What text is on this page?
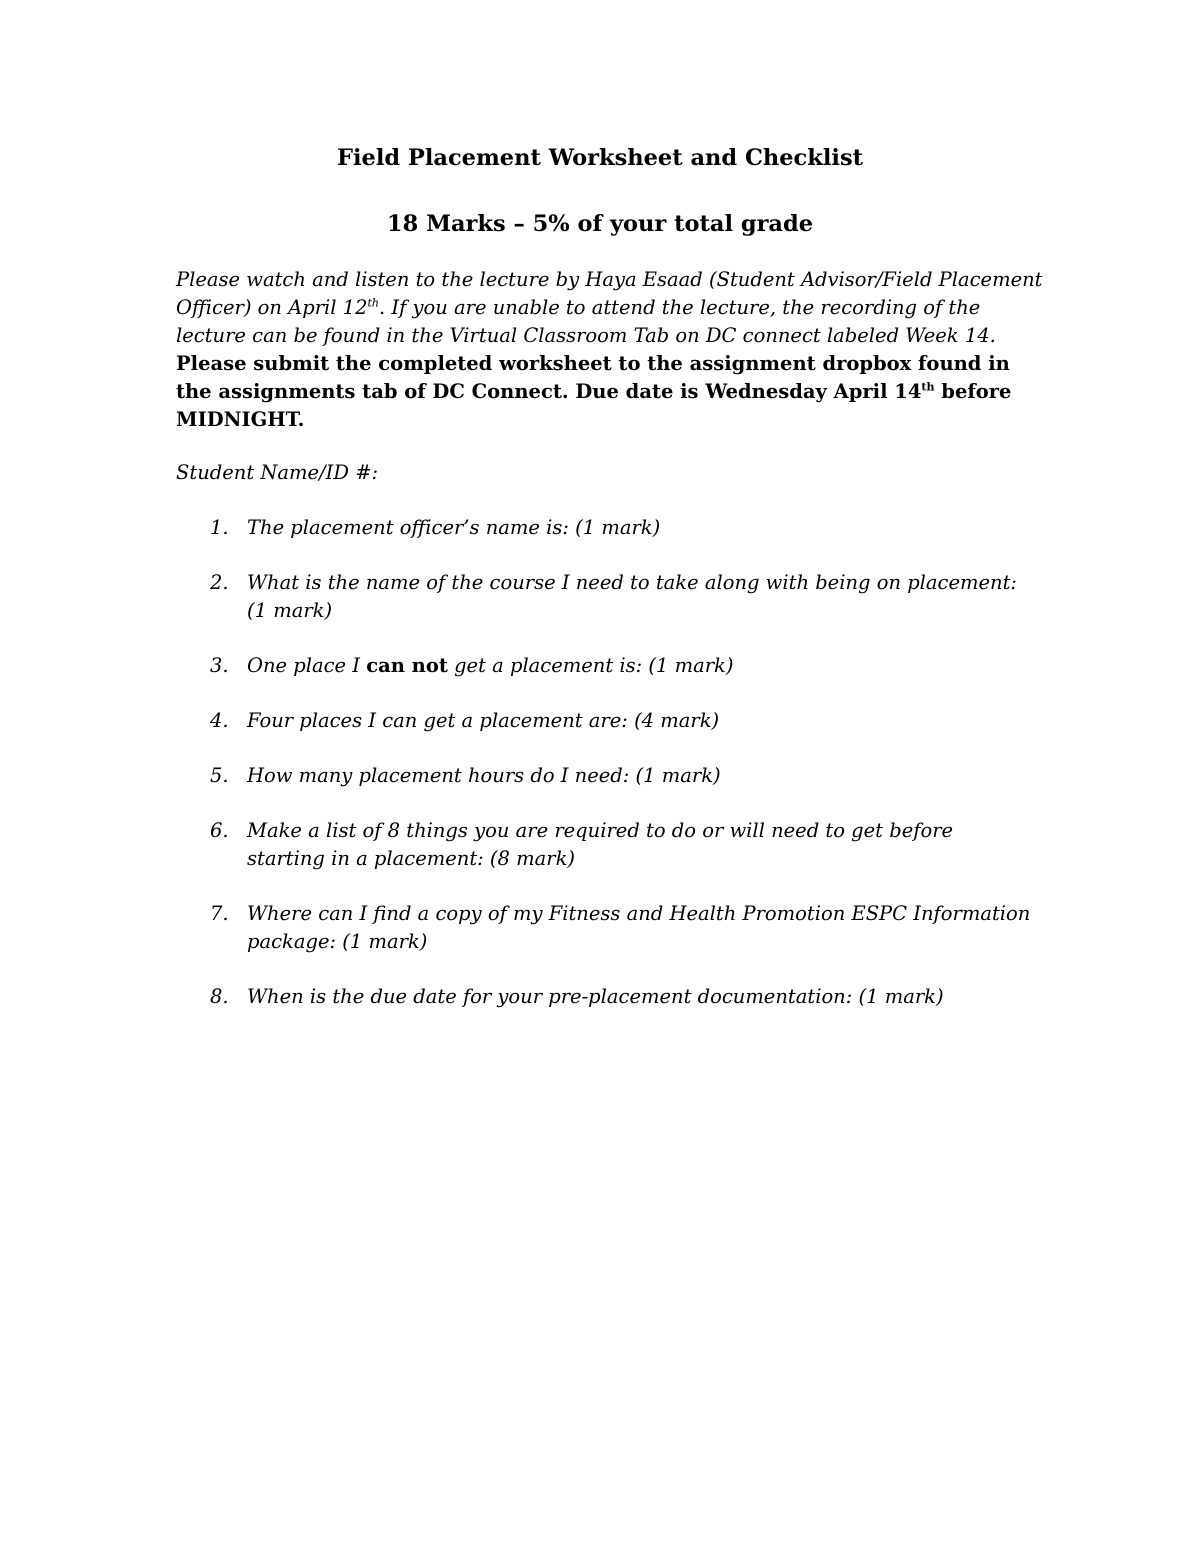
Field Placement Worksheet and Checklist
18 Marks – 5% of your total grade

Please watch and listen to the lecture by Haya Esaad (Student Advisor/Field Placement Officer) on April 12th. If you are unable to attend the lecture, the recording of the lecture can be found in the Virtual Classroom Tab on DC connect labeled Week 14. Please submit the completed worksheet to the assignment dropbox found in the assignments tab of DC Connect. Due date is Wednesday April 14th before MIDNIGHT.

Student Name/ID #:

1. The placement officer’s name is: (1 mark)
2. What is the name of the course I need to take along with being on placement: (1 mark)
3. One place I can not get a placement is: (1 mark)
4. Four places I can get a placement are: (4 mark)
5. How many placement hours do I need: (1 mark)
6. Make a list of 8 things you are required to do or will need to get before starting in a placement: (8 mark)
7. Where can I find a copy of my Fitness and Health Promotion ESPC Information package: (1 mark)
8. When is the due date for your pre-placement documentation: (1 mark)
